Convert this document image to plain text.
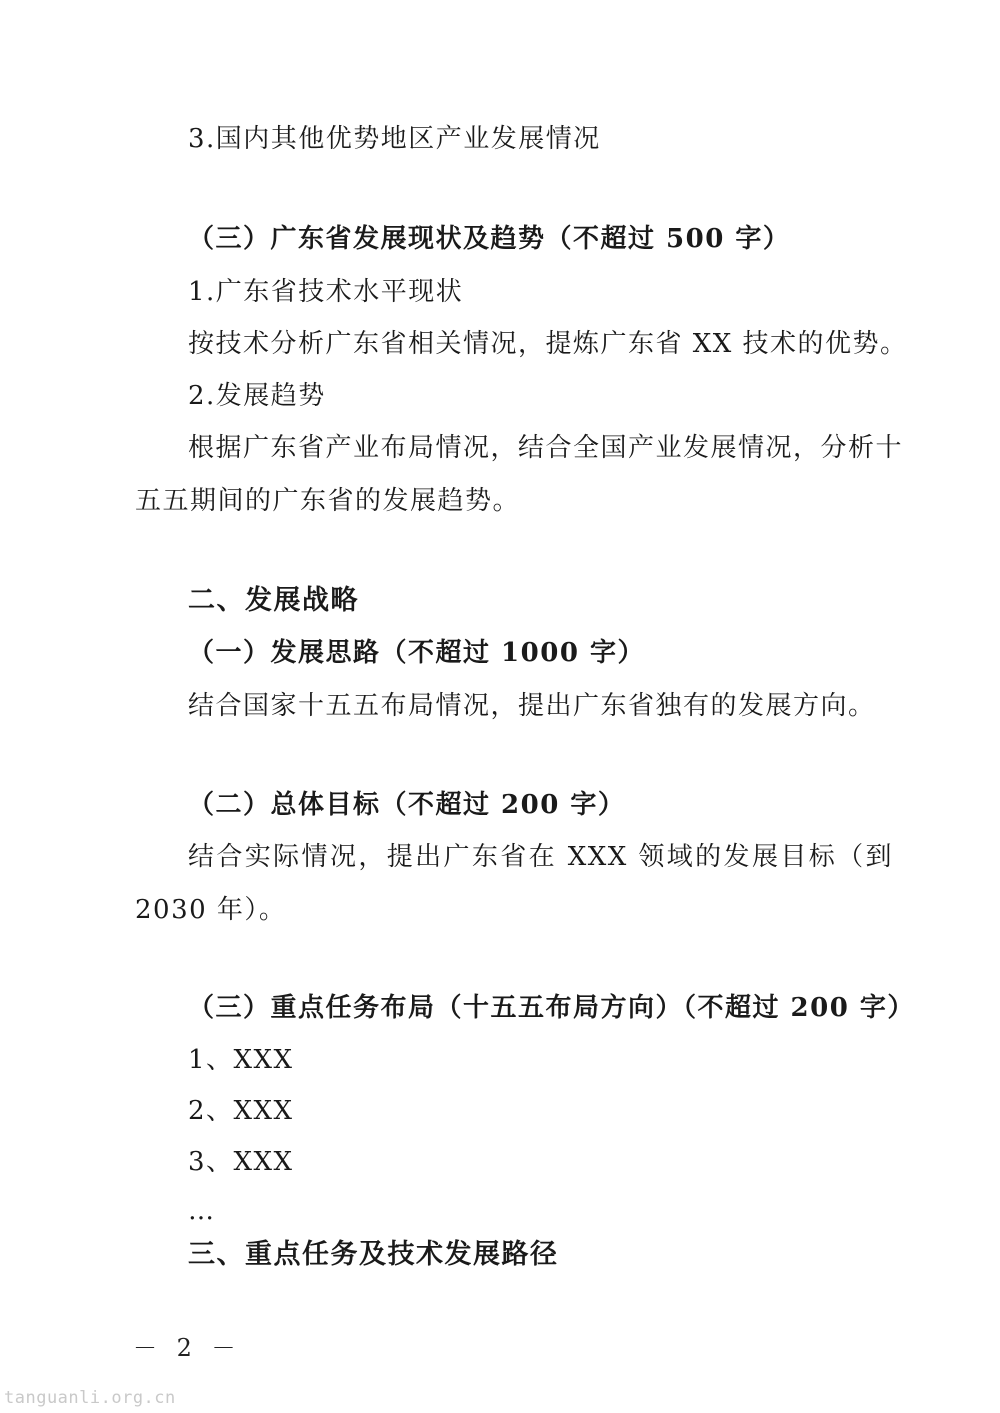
3.国内其他优势地区产业发展情况
（三）广东省发展现状及趋势（不超过 500 字）
1.广东省技术水平现状
按技术分析广东省相关情况，提炼广东省 XX 技术的优势。
2.发展趋势
根据广东省产业布局情况，结合全国产业发展情况，分析十
五五期间的广东省的发展趋势。
二、发展战略
（一）发展思路（不超过 1000 字）
结合国家十五五布局情况，提出广东省独有的发展方向。
（二）总体目标（不超过 200 字）
结合实际情况，提出广东省在 XXX 领域的发展目标（到
2030 年）。
（三）重点任务布局（十五五布局方向）（不超过 200 字）
1、XXX
2、XXX
3、XXX
…
三、重点任务及技术发展路径
－ 2 －
tanguanli.org.cn
